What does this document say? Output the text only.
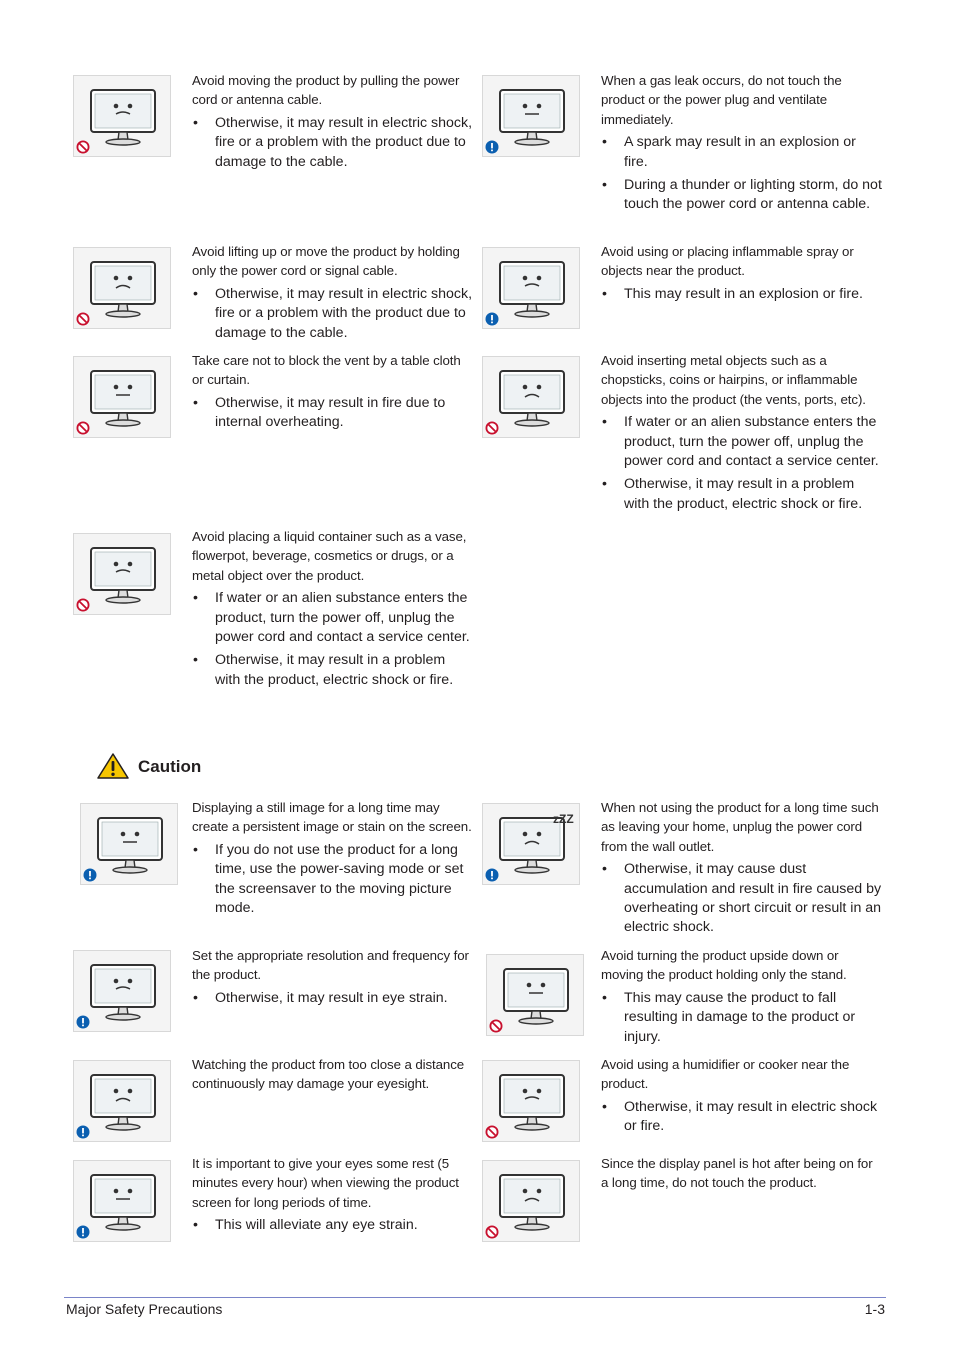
Caution
Major Safety Precautions	1-3

Avoid moving the product by pulling the power cord or antenna cable.

• Otherwise, it may result in electric shock, fire or a problem with the product due to damage to the cable.

When a gas leak occurs, do not touch the product or the power plug and ventilate immediately.

• A spark may result in an explosion or fire.
• During a thunder or lighting storm, do not touch the power cord or antenna cable.

Avoid lifting up or move the product by holding only the power cord or signal cable.

• Otherwise, it may result in electric shock, fire or a problem with the product due to damage to the cable.

Avoid using or placing inflammable spray or objects near the product.

• This may result in an explosion or fire.

Take care not to block the vent by a table cloth or curtain.

• Otherwise, it may result in fire due to internal overheating.

Avoid inserting metal objects such as a chopsticks, coins or hairpins, or inflammable objects into the product (the vents, ports, etc).

• If water or an alien substance enters the product, turn the power off, unplug the power cord and contact a service center.
• Otherwise, it may result in a problem with the product, electric shock or fire.

Avoid placing a liquid container such as a vase, flowerpot, beverage, cosmetics or drugs, or a metal object over the product.

• If water or an alien substance enters the product, turn the power off, unplug the power cord and contact a service center.
• Otherwise, it may result in a problem with the product, electric shock or fire.

Displaying a still image for a long time may create a persistent image or stain on the screen.

• If you do not use the product for a long time, use the power-saving mode or set the screensaver to the moving picture mode.
zZZ

When not using the product for a long time such as leaving your home, unplug the power cord from the wall outlet.

• Otherwise, it may cause dust accumulation and result in fire caused by overheating or short circuit or result in an electric shock.

Set the appropriate resolution and frequency for the product.

• Otherwise, it may result in eye strain.

Avoid turning the product upside down or moving the product holding only the stand.

• This may cause the product to fall resulting in damage to the product or injury.

Watching the product from too close a distance continuously may damage your eyesight.

Avoid using a humidifier or cooker near the product.

• Otherwise, it may result in electric shock or fire.

It is important to give your eyes some rest (5 minutes every hour) when viewing the product screen for long periods of time.

• This will alleviate any eye strain.

Since the display panel is hot after being on for a long time, do not touch the product.
